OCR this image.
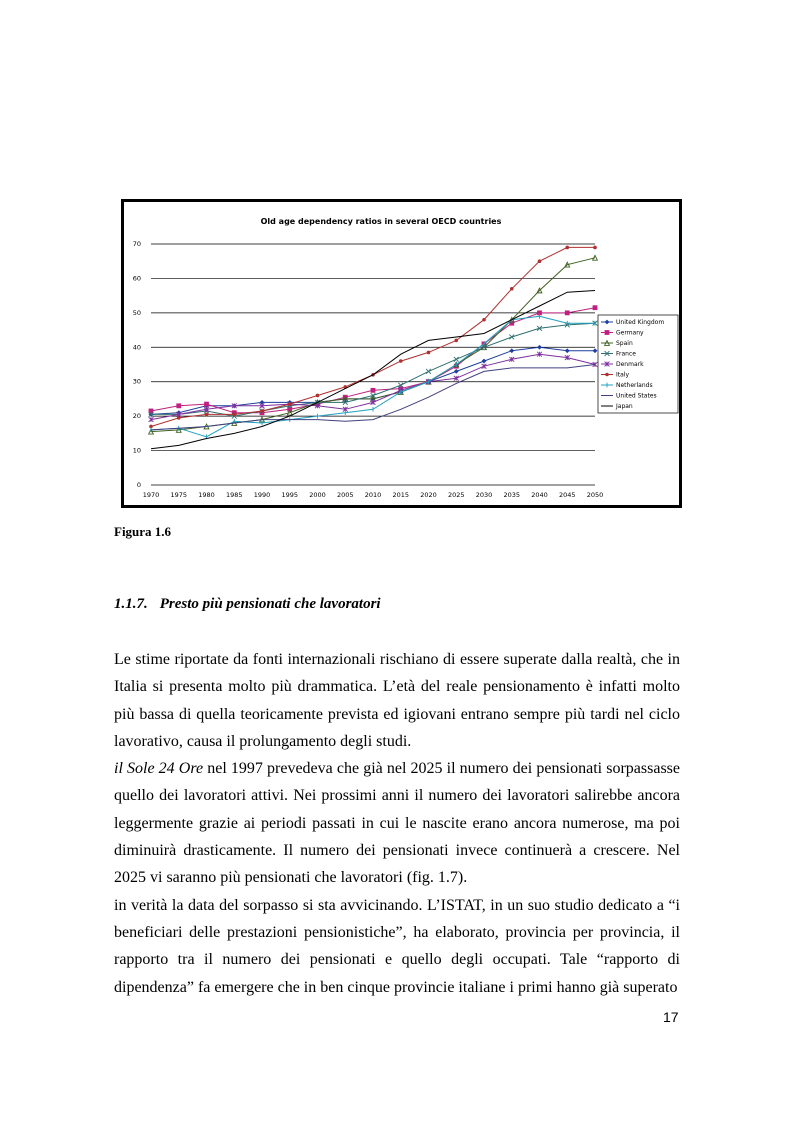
Old age dependency ratios in several OECD countries
0
10
20
30
40
50
60
70
1970 1975 1980 1985 1990 1995 2000 2005 2010 2015 2020 2025 2030 2035 2040 2045 2050
United Kingdom
Germany
Spain
France
Denmark
Italy
Netherlands
United States
Japan
Figura 1.6
1.1.7. Presto più pensionati che lavoratori

Le stime riportate da fonti internazionali rischiano di essere superate dalla realtà, che in Italia si presenta molto più drammatica. L’età del reale pensionamento è infatti molto più bassa di quella teoricamente prevista ed igiovani entrano sempre più tardi nel ciclo lavorativo, causa il prolungamento degli studi.

il Sole 24 Ore nel 1997 prevedeva che già nel 2025 il numero dei pensionati sorpassasse quello dei lavoratori attivi. Nei prossimi anni il numero dei lavoratori salirebbe ancora leggermente grazie ai periodi passati in cui le nascite erano ancora numerose, ma poi diminuirà drasticamente. Il numero dei pensionati invece continuerà a crescere. Nel 2025 vi saranno più pensionati che lavoratori (fig. 1.7).

in verità la data del sorpasso si sta avvicinando. L’ISTAT, in un suo studio dedicato a “i beneficiari delle prestazioni pensionistiche”, ha elaborato, provincia per provincia, il rapporto tra il numero dei pensionati e quello degli occupati. Tale “rapporto di dipendenza” fa emergere che in ben cinque provincie italiane i primi hanno già superato

17
